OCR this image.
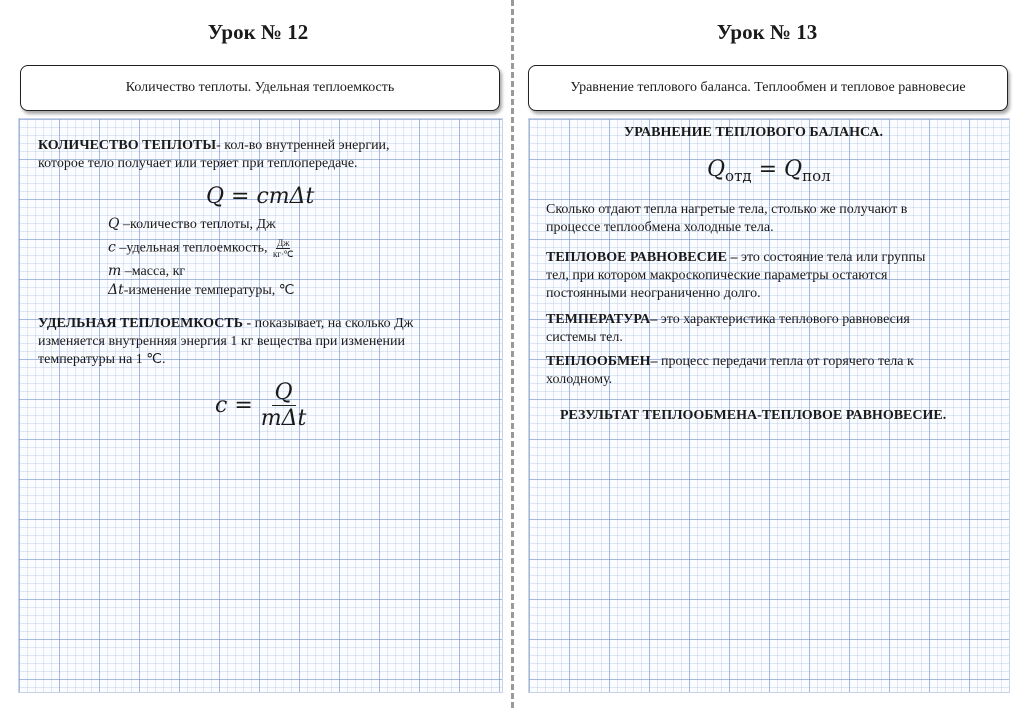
Урок № 12
Количество теплоты. Удельная теплоемкость
КОЛИЧЕСТВО ТЕПЛОТЫ- кол-во внутренней энергии,
которое тело получает или теряет при теплопередаче.
Q = cmΔt
Q –количество теплоты, Дж
c –удельная теплоемкость, $\frac{Дж}{кг\cdot℃}$
m –масса, кг
Δt-изменение температуры, ℃
УДЕЛЬНАЯ ТЕПЛОЕМКОСТЬ - показывает, на сколько Дж
изменяется внутренняя энергия 1 кг вещества при изменении
температуры на 1 ℃.
$c = \frac{Q}{\text{mΔt}}$
Урок № 13
Уравнение теплового баланса. Теплообмен и тепловое равновесие
УРАВНЕНИЕ ТЕПЛОВОГО БАЛАНСА.
$Q_{отд} = Q_{пол}$
Сколько отдают тепла нагретые тела, столько же получают в
процессе теплообмена холодные тела.
ТЕПЛОВОЕ РАВНОВЕСИЕ – это состояние тела или группы
тел, при котором макроскопические параметры остаются
постоянными неограниченно долго.
ТЕМПЕРАТУРА– это характеристика теплового равновесия
системы тел.
ТЕПЛООБМЕН– процесс передачи тепла от горячего тела к
холодному.
РЕЗУЛЬТАТ ТЕПЛООБМЕНА-ТЕПЛОВОЕ РАВНОВЕСИЕ.
